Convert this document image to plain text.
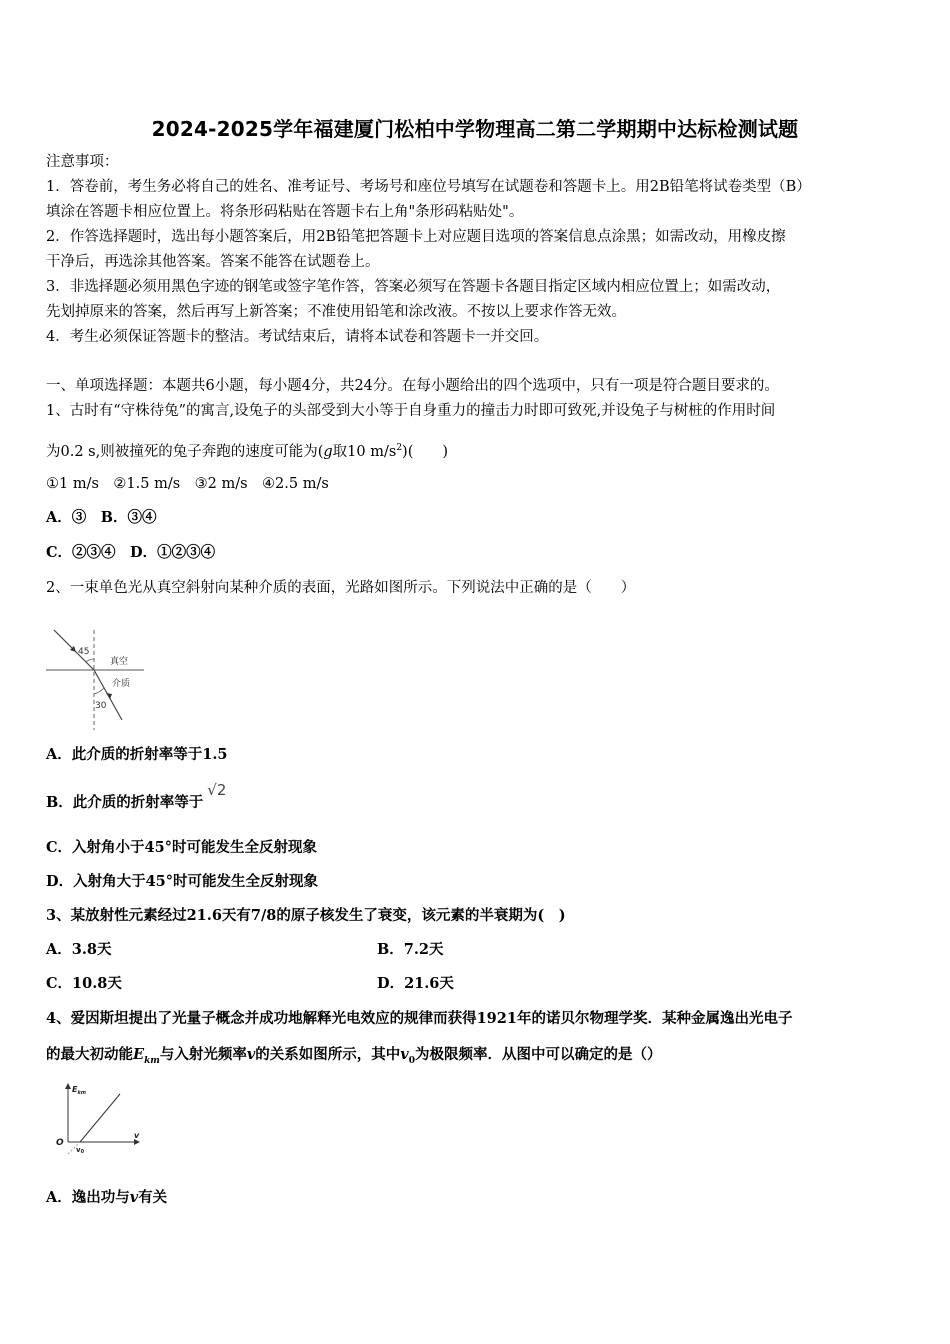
2024-2025学年福建厦门松柏中学物理高二第二学期期中达标检测试题
注意事项：
1．答卷前，考生务必将自己的姓名、准考证号、考场号和座位号填写在试题卷和答题卡上。用2B铅笔将试卷类型（B）
填涂在答题卡相应位置上。将条形码粘贴在答题卡右上角"条形码粘贴处"。
2．作答选择题时，选出每小题答案后，用2B铅笔把答题卡上对应题目选项的答案信息点涂黑；如需改动，用橡皮擦
干净后，再选涂其他答案。答案不能答在试题卷上。
3．非选择题必须用黑色字迹的钢笔或签字笔作答，答案必须写在答题卡各题目指定区域内相应位置上；如需改动，
先划掉原来的答案，然后再写上新答案；不准使用铅笔和涂改液。不按以上要求作答无效。
4．考生必须保证答题卡的整洁。考试结束后，请将本试卷和答题卡一并交回。
一、单项选择题：本题共6小题，每小题4分，共24分。在每小题给出的四个选项中，只有一项是符合题目要求的。
1、古时有“守株待兔”的寓言,设兔子的头部受到大小等于自身重力的撞击力时即可致死,并设兔子与树桩的作用时间
为0.2 s,则被撞死的兔子奔跑的速度可能为(g取10 $m/s^2$)(　　)
①1 m/s　②1.5 m/s　③2 m/s　④2.5 m/s
A．③　B．③④
C．②③④　D．①②③④
2、一束单色光从真空斜射向某种介质的表面，光路如图所示。下列说法中正确的是（　　）
45
真空
介质
30
A．此介质的折射率等于1.5
B．此介质的折射率等于√2
C．入射角小于45°时可能发生全反射现象
D．入射角大于45°时可能发生全反射现象
3、某放射性元素经过21.6天有7/8的原子核发生了衰变，该元素的半衰期为(　)
A．3.8天	B．7.2天
C．10.8天	D．21.6天
4、爱因斯坦提出了光量子概念并成功地解释光电效应的规律而获得1921年的诺贝尔物理学奖．某种金属逸出光电子
的最大初动能$E_{km}$与入射光频率v的关系如图所示，其中$v_0$为极限频率．从图中可以确定的是（）
$E_{km}$
O
v
v0
A．逸出功与v有关
